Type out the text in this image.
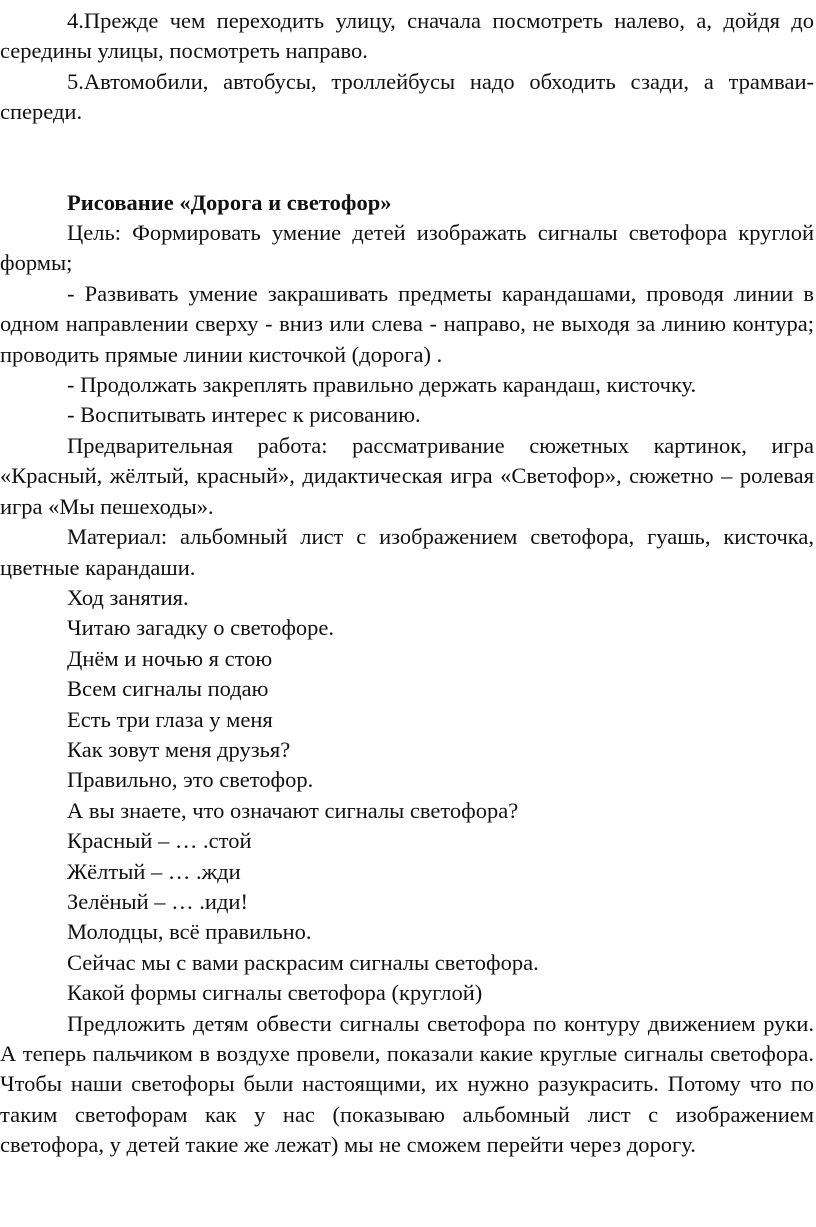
4.Прежде чем переходить улицу, сначала посмотреть налево, а, дойдя до середины улицы, посмотреть направо.

5.Автомобили, автобусы, троллейбусы надо обходить сзади, а трамваи- спереди.

Рисование «Дорога и светофор»

Цель: Формировать умение детей изображать сигналы светофора круглой формы;

- Развивать умение закрашивать предметы карандашами, проводя линии в одном направлении сверху - вниз или слева - направо, не выходя за линию контура; проводить прямые линии кисточкой (дорога) .

- Продолжать закреплять правильно держать карандаш, кисточку.

- Воспитывать интерес к рисованию.

Предварительная работа: рассматривание сюжетных картинок, игра «Красный, жёлтый, красный», дидактическая игра «Светофор», сюжетно – ролевая игра «Мы пешеходы».

Материал: альбомный лист с изображением светофора, гуашь, кисточка, цветные карандаши.

Ход занятия.

Читаю загадку о светофоре.

Днём и ночью я стою

Всем сигналы подаю

Есть три глаза у меня

Как зовут меня друзья?

Правильно, это светофор.

А вы знаете, что означают сигналы светофора?

Красный – … .стой

Жёлтый – … .жди

Зелёный – … .иди!

Молодцы, всё правильно.

Сейчас мы с вами раскрасим сигналы светофора.

Какой формы сигналы светофора (круглой)

Предложить детям обвести сигналы светофора по контуру движением руки. А теперь пальчиком в воздухе провели, показали какие круглые сигналы светофора. Чтобы наши светофоры были настоящими, их нужно разукрасить. Потому что по таким светофорам как у нас (показываю альбомный лист с изображением светофора, у детей такие же лежат) мы не сможем перейти через дорогу.
